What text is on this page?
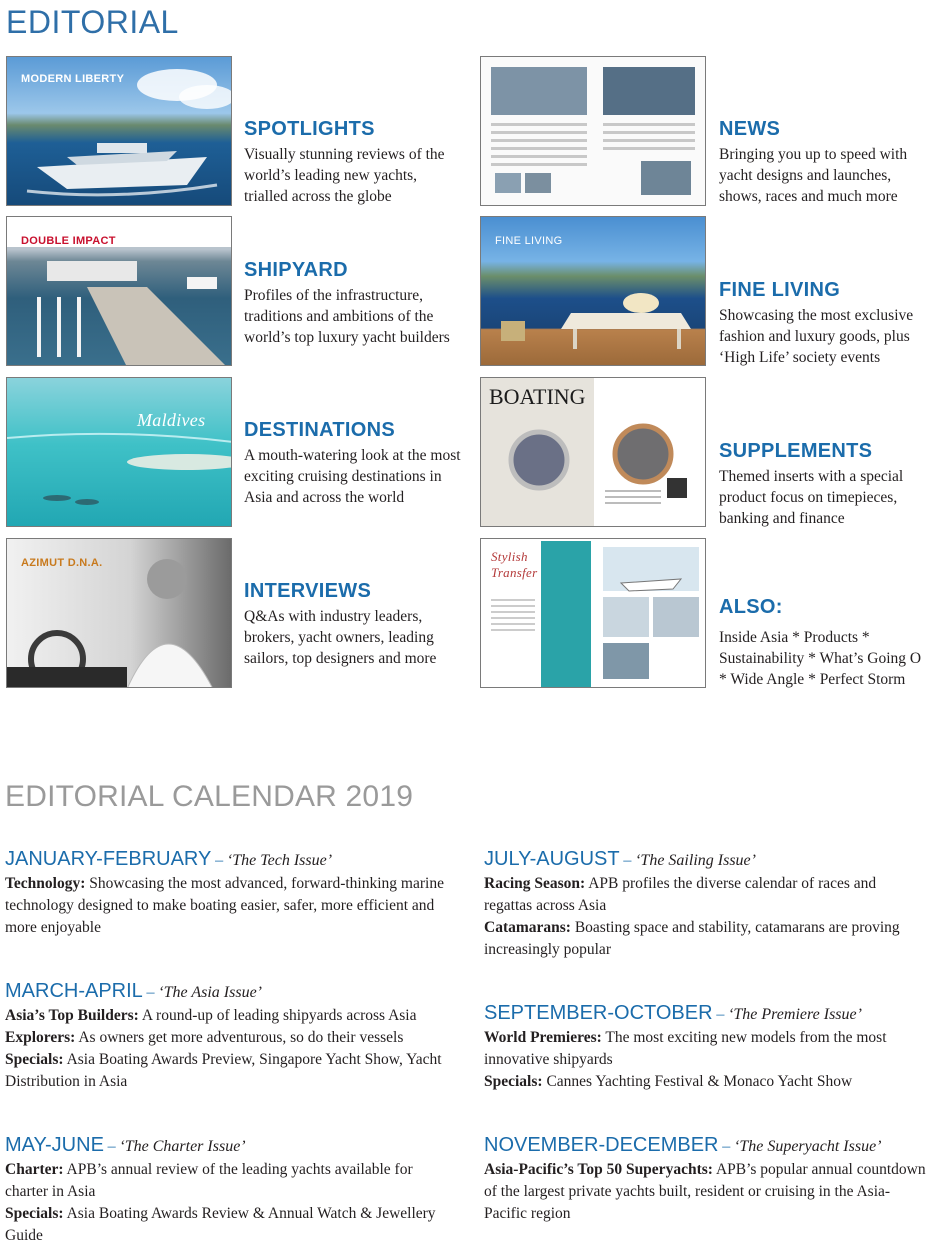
EDITORIAL
MODERN LIBERTY
DOUBLE IMPACT
Maldives
AZIMUT D.N.A.
SPOTLIGHTS
Visually stunning reviews of the world’s leading new yachts, trialled across the globe
SHIPYARD
Profiles of the infrastructure, traditions and ambitions of the world’s top luxury yacht builders
DESTINATIONS
A mouth-watering look at the most exciting cruising destinations in Asia and across the world
INTERVIEWS
Q&As with industry leaders, brokers, yacht owners, leading sailors, top designers and more
FINE LIVING
BOATING
Stylish Transfer
NEWS
Bringing you up to speed with yacht designs and launches, shows, races and much more
FINE LIVING
Showcasing the most exclusive fashion and luxury goods, plus ‘High Life’ society events
SUPPLEMENTS
Themed inserts with a special product focus on timepieces, banking and finance
ALSO:
Inside Asia * Products * Sustainability * What’s Going O * Wide Angle * Perfect Storm
EDITORIAL CALENDAR 2019
JANUARY-FEBRUARY – ‘The Tech Issue’
Technology: Showcasing the most advanced, forward-thinking marine technology designed to make boating easier, safer, more efficient and more enjoyable
JULY-AUGUST – ‘The Sailing Issue’
Racing Season: APB profiles the diverse calendar of races and regattas across Asia
Catamarans: Boasting space and stability, catamarans are proving increasingly popular
MARCH-APRIL – ‘The Asia Issue’
Asia’s Top Builders: A round-up of leading shipyards across Asia
Explorers: As owners get more adventurous, so do their vessels
Specials: Asia Boating Awards Preview, Singapore Yacht Show, Yacht Distribution in Asia
SEPTEMBER-OCTOBER – ‘The Premiere Issue’
World Premieres: The most exciting new models from the most innovative shipyards
Specials: Cannes Yachting Festival & Monaco Yacht Show
MAY-JUNE – ‘The Charter Issue’
Charter: APB’s annual review of the leading yachts available for charter in Asia
Specials: Asia Boating Awards Review & Annual Watch & Jewellery Guide
NOVEMBER-DECEMBER – ‘The Superyacht Issue’
Asia-Pacific’s Top 50 Superyachts: APB’s popular annual countdown of the largest private yachts built, resident or cruising in the Asia-Pacific region
